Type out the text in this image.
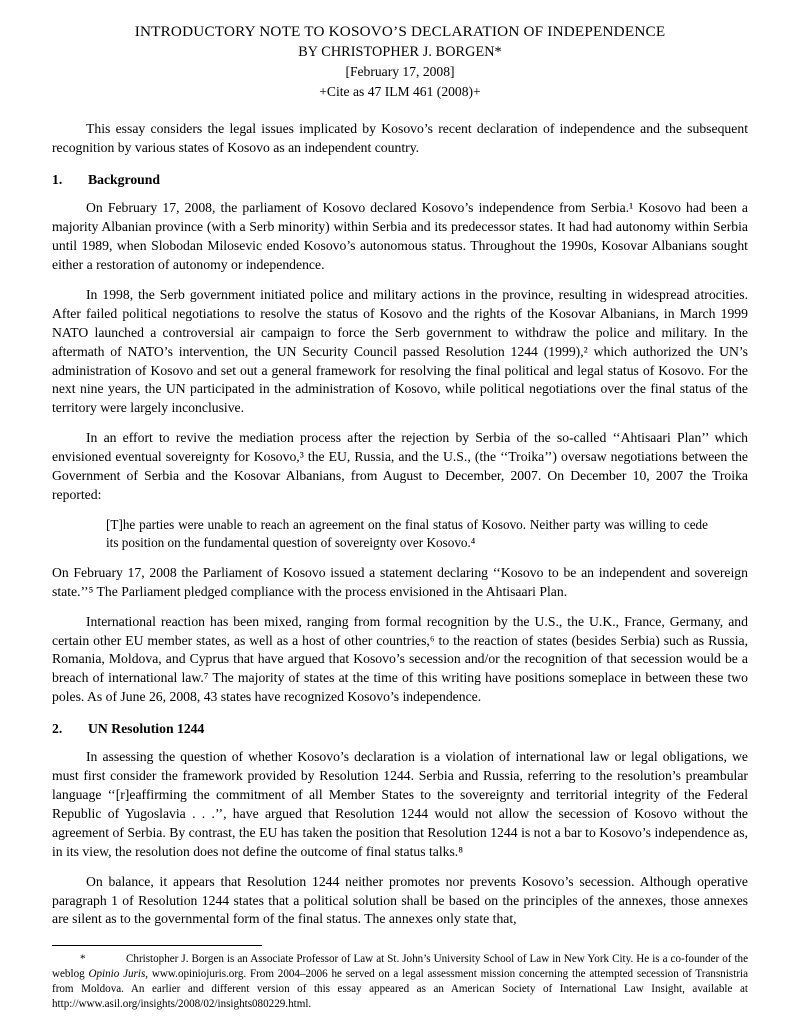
INTRODUCTORY NOTE TO KOSOVO’S DECLARATION OF INDEPENDENCE
BY CHRISTOPHER J. BORGEN*
[February 17, 2008]
+Cite as 47 ILM 461 (2008)+

This essay considers the legal issues implicated by Kosovo’s recent declaration of independence and the subsequent recognition by various states of Kosovo as an independent country.

1.	Background

On February 17, 2008, the parliament of Kosovo declared Kosovo’s independence from Serbia.¹ Kosovo had been a majority Albanian province (with a Serb minority) within Serbia and its predecessor states. It had had autonomy within Serbia until 1989, when Slobodan Milosevic ended Kosovo’s autonomous status. Throughout the 1990s, Kosovar Albanians sought either a restoration of autonomy or independence.

In 1998, the Serb government initiated police and military actions in the province, resulting in widespread atrocities. After failed political negotiations to resolve the status of Kosovo and the rights of the Kosovar Albanians, in March 1999 NATO launched a controversial air campaign to force the Serb government to withdraw the police and military. In the aftermath of NATO’s intervention, the UN Security Council passed Resolution 1244 (1999),² which authorized the UN’s administration of Kosovo and set out a general framework for resolving the final political and legal status of Kosovo. For the next nine years, the UN participated in the administration of Kosovo, while political negotiations over the final status of the territory were largely inconclusive.

In an effort to revive the mediation process after the rejection by Serbia of the so-called ‘‘Ahtisaari Plan’’ which envisioned eventual sovereignty for Kosovo,³ the EU, Russia, and the U.S., (the ‘‘Troika’’) oversaw negotiations between the Government of Serbia and the Kosovar Albanians, from August to December, 2007. On December 10, 2007 the Troika reported:

[T]he parties were unable to reach an agreement on the final status of Kosovo. Neither party was willing to cede its position on the fundamental question of sovereignty over Kosovo.⁴

On February 17, 2008 the Parliament of Kosovo issued a statement declaring ‘‘Kosovo to be an independent and sovereign state.’’⁵ The Parliament pledged compliance with the process envisioned in the Ahtisaari Plan.

International reaction has been mixed, ranging from formal recognition by the U.S., the U.K., France, Germany, and certain other EU member states, as well as a host of other countries,⁶ to the reaction of states (besides Serbia) such as Russia, Romania, Moldova, and Cyprus that have argued that Kosovo’s secession and/or the recognition of that secession would be a breach of international law.⁷ The majority of states at the time of this writing have positions someplace in between these two poles. As of June 26, 2008, 43 states have recognized Kosovo’s independence.

2.	UN Resolution 1244

In assessing the question of whether Kosovo’s declaration is a violation of international law or legal obligations, we must first consider the framework provided by Resolution 1244. Serbia and Russia, referring to the resolution’s preambular language ‘‘[r]eaffirming the commitment of all Member States to the sovereignty and territorial integrity of the Federal Republic of Yugoslavia . . .’’, have argued that Resolution 1244 would not allow the secession of Kosovo without the agreement of Serbia. By contrast, the EU has taken the position that Resolution 1244 is not a bar to Kosovo’s independence as, in its view, the resolution does not define the outcome of final status talks.⁸

On balance, it appears that Resolution 1244 neither promotes nor prevents Kosovo’s secession. Although operative paragraph 1 of Resolution 1244 states that a political solution shall be based on the principles of the annexes, those annexes are silent as to the governmental form of the final status. The annexes only state that,

*	Christopher J. Borgen is an Associate Professor of Law at St. John’s University School of Law in New York City. He is a co-founder of the weblog Opinio Juris, www.opiniojuris.org. From 2004–2006 he served on a legal assessment mission concerning the attempted secession of Transnistria from Moldova. An earlier and different version of this essay appeared as an American Society of International Law Insight, available at http://www.asil.org/insights/2008/02/insights080229.html.
